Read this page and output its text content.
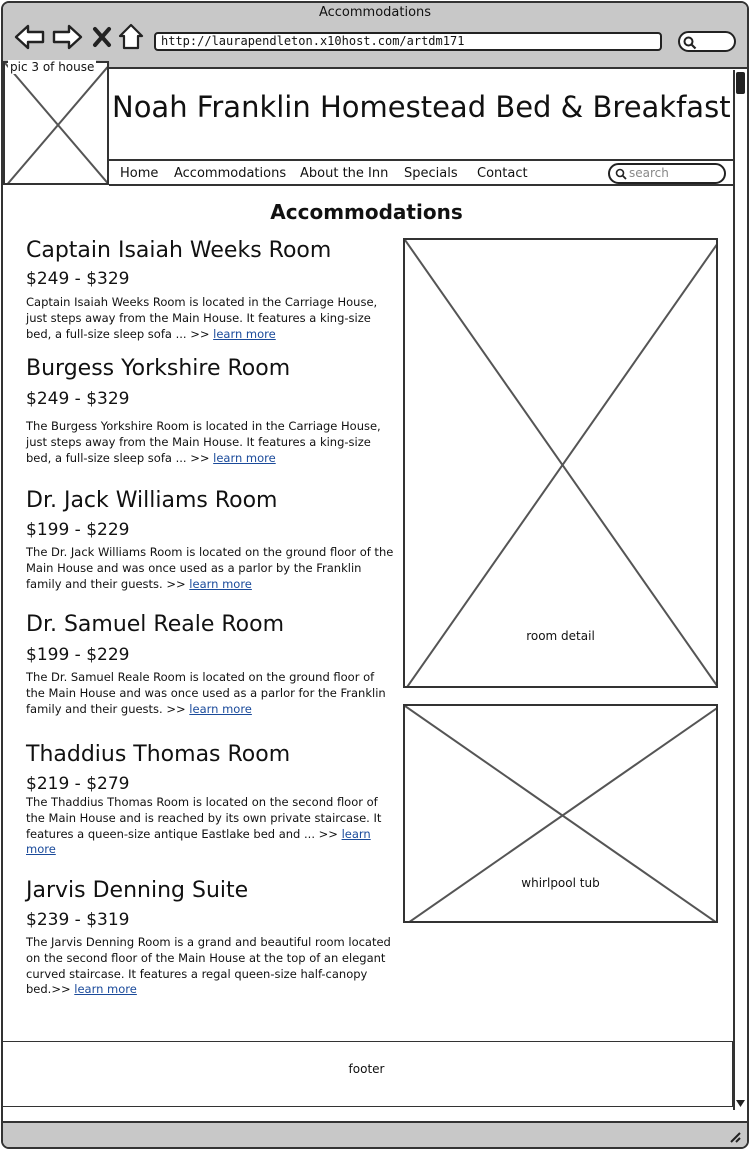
Accommodations
http://laurapendleton.x10host.com/artdm171
pic 3 of house
Noah Franklin Homestead Bed & Breakfast
Home Accommodations About the Inn Specials Contact	search
Accommodations
Captain Isaiah Weeks Room
$249 - $329
Captain Isaiah Weeks Room is located in the Carriage House, just steps away from the Main House. It features a king-size bed, a full-size sleep sofa ... >> learn more
Burgess Yorkshire Room
$249 - $329
The Burgess Yorkshire Room is located in the Carriage House, just steps away from the Main House. It features a king-size bed, a full-size sleep sofa ... >> learn more
Dr. Jack Williams Room
$199 - $229
The Dr. Jack Williams Room is located on the ground floor of the Main House and was once used as a parlor by the Franklin family and their guests. >> learn more
Dr. Samuel Reale Room
$199 - $229
The Dr. Samuel Reale Room is located on the ground floor of the Main House and was once used as a parlor for the Franklin family and their guests. >> learn more
Thaddius Thomas Room
$219 - $279
The Thaddius Thomas Room is located on the second floor of the Main House and is reached by its own private staircase. It features a queen-size antique Eastlake bed and ... >> learn more
Jarvis Denning Suite
$239 - $319
The Jarvis Denning Room is a grand and beautiful room located on the second floor of the Main House at the top of an elegant curved staircase. It features a regal queen-size half-canopy bed.>> learn more
room detail
whirlpool tub
footer
